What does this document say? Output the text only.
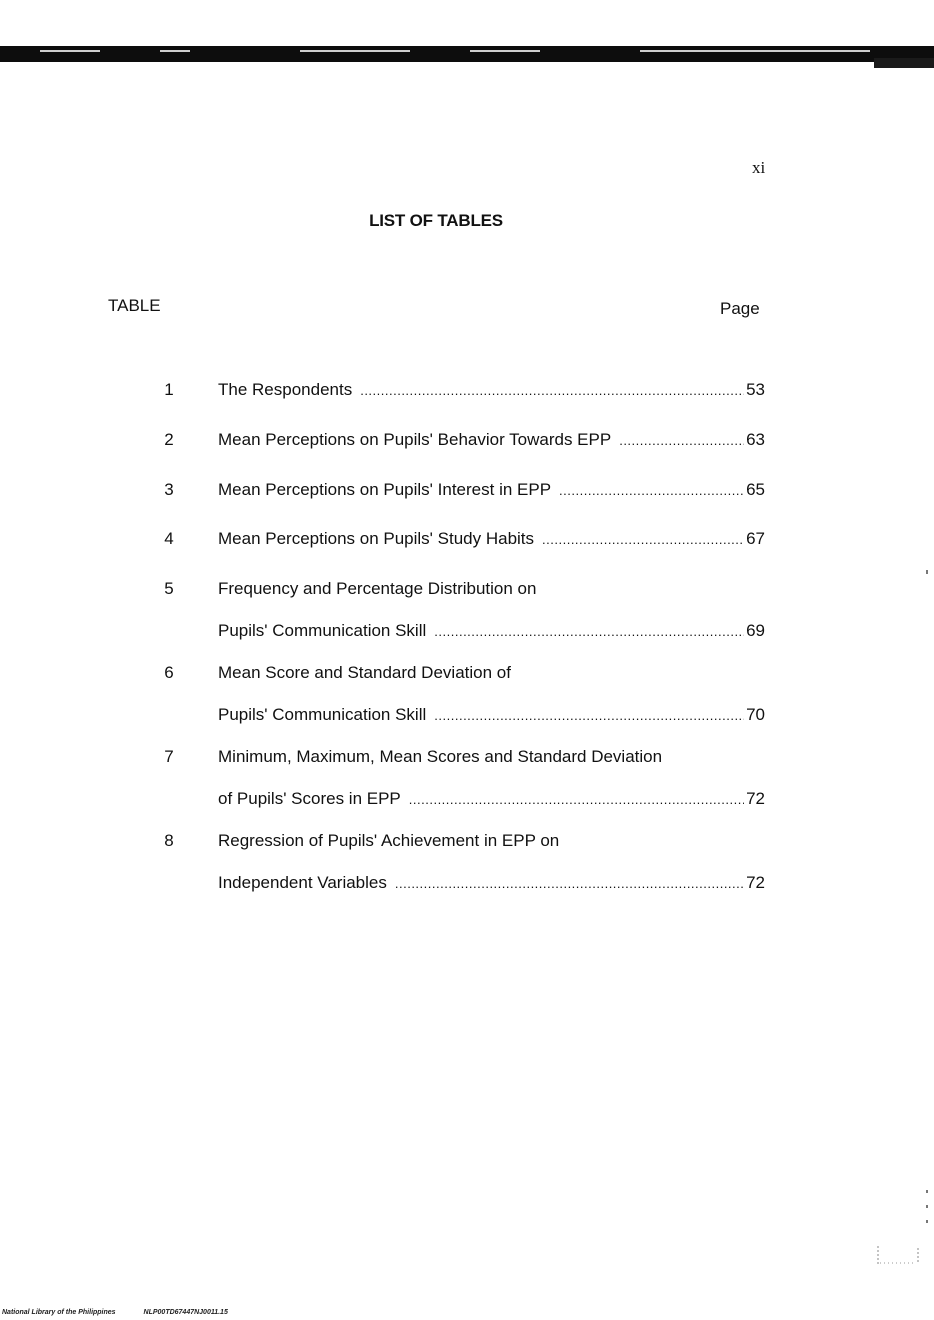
xi
LIST OF TABLES
TABLE	Page
1	The Respondents .....	53
2	Mean Perceptions on Pupils' Behavior Towards EPP .....	63
3	Mean Perceptions on Pupils' Interest in EPP .....	65
4	Mean Perceptions on Pupils' Study Habits .....	67
5	Frequency and Percentage Distribution on
Pupils' Communication Skill .....	69
6	Mean Score and Standard Deviation of
Pupils' Communication Skill .....	70
7	Minimum, Maximum, Mean Scores and Standard Deviation
of Pupils' Scores in EPP .....	72
8	Regression of Pupils' Achievement in EPP on
Independent Variables .....	72
National Library of the Philippines	NLP00TD67447NJ0011.15
